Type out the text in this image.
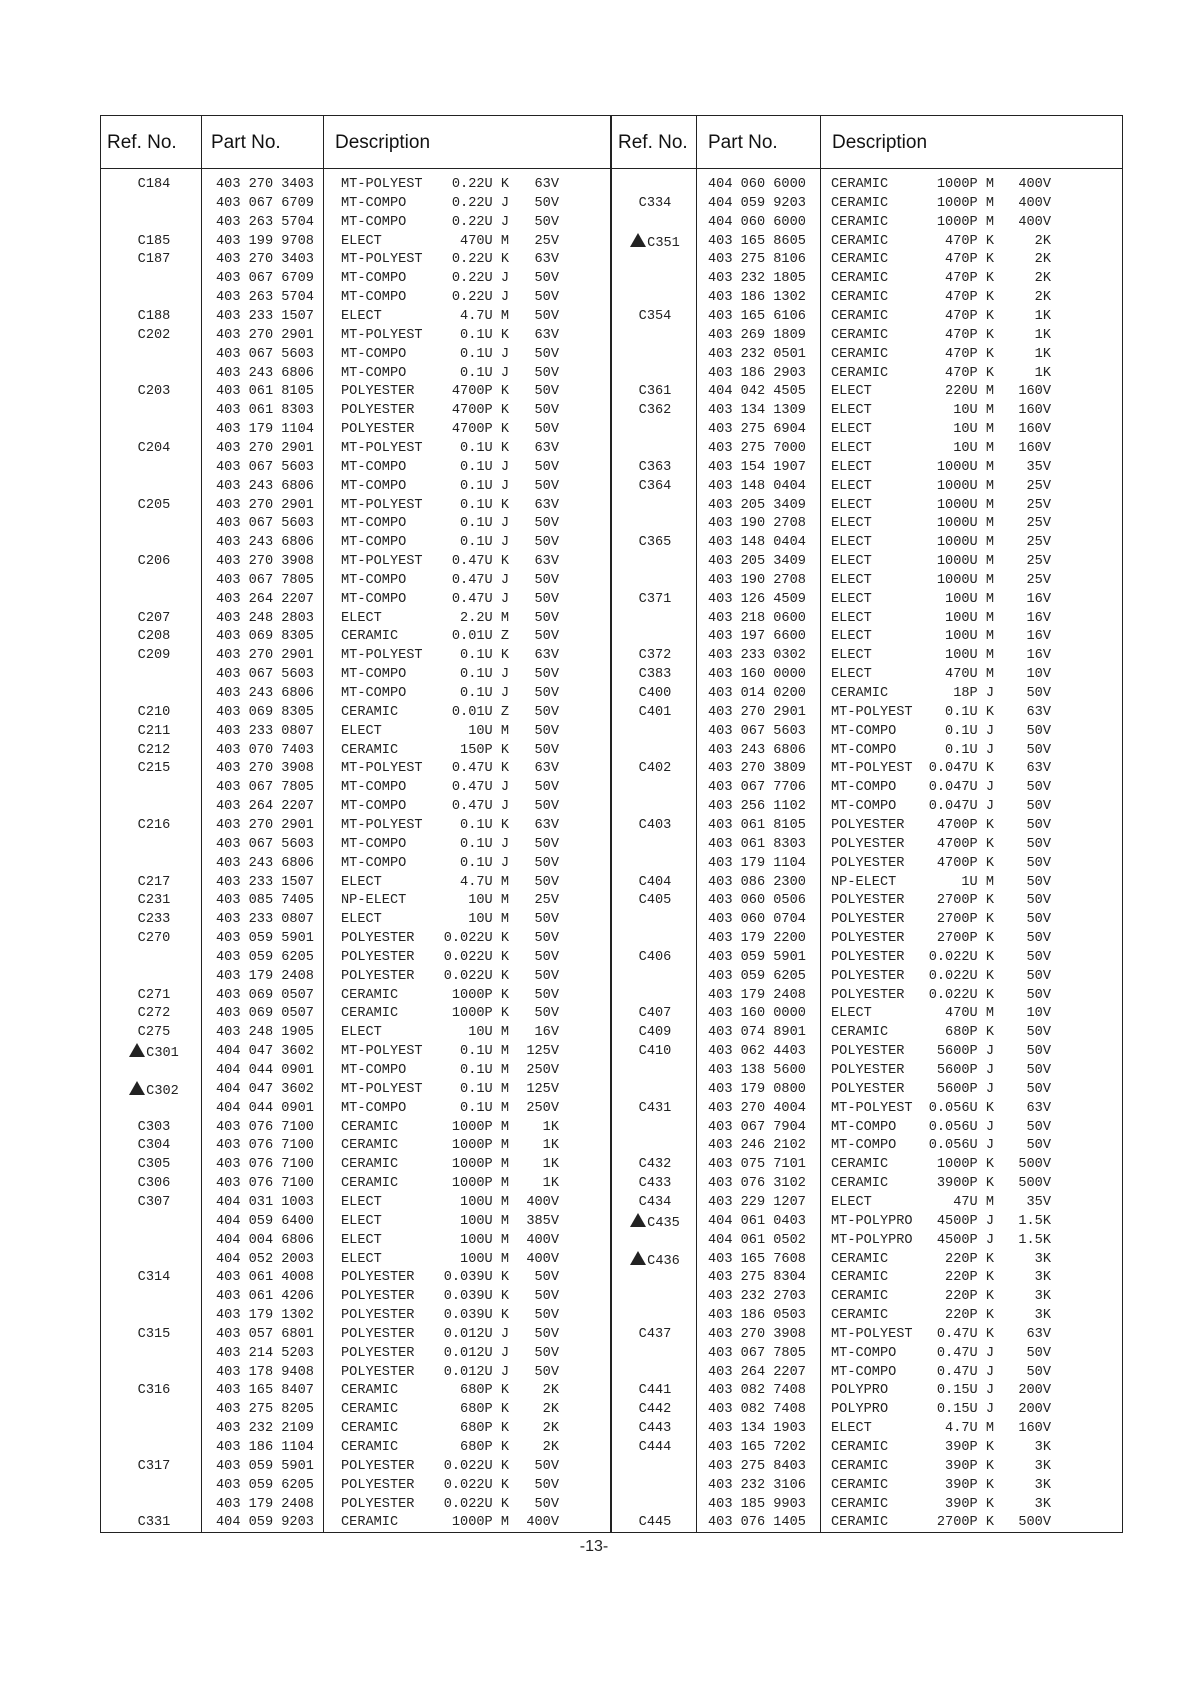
Ref. No. Part No.	Description	Ref. No. Part No.	Description
C184	403 270 3403 MT-POLYEST	0.22U K	63V
403 067 6709 MT-COMPO	0.22U J	50V
403 263 5704 MT-COMPO	0.22U J	50V
C185	403 199 9708 ELECT	470U M	25V
C187	403 270 3403 MT-POLYEST	0.22U K	63V
403 067 6709 MT-COMPO	0.22U J	50V
403 263 5704 MT-COMPO	0.22U J	50V
C188	403 233 1507 ELECT	4.7U M	50V
C202	403 270 2901 MT-POLYEST	0.1U K	63V
403 067 5603 MT-COMPO	0.1U J	50V
403 243 6806 MT-COMPO	0.1U J	50V
C203	403 061 8105 POLYESTER	4700P K	50V
403 061 8303 POLYESTER	4700P K	50V
403 179 1104 POLYESTER	4700P K	50V
C204	403 270 2901 MT-POLYEST	0.1U K	63V
403 067 5603 MT-COMPO	0.1U J	50V
403 243 6806 MT-COMPO	0.1U J	50V
C205	403 270 2901 MT-POLYEST	0.1U K	63V
403 067 5603 MT-COMPO	0.1U J	50V
403 243 6806 MT-COMPO	0.1U J	50V
C206	403 270 3908 MT-POLYEST	0.47U K	63V
403 067 7805 MT-COMPO	0.47U J	50V
403 264 2207 MT-COMPO	0.47U J	50V
C207	403 248 2803 ELECT	2.2U M	50V
C208	403 069 8305 CERAMIC	0.01U Z	50V
C209	403 270 2901 MT-POLYEST	0.1U K	63V
403 067 5603 MT-COMPO	0.1U J	50V
403 243 6806 MT-COMPO	0.1U J	50V
C210	403 069 8305 CERAMIC	0.01U Z	50V
C211	403 233 0807 ELECT	10U M	50V
C212	403 070 7403 CERAMIC	150P K	50V
C215	403 270 3908 MT-POLYEST	0.47U K	63V
403 067 7805 MT-COMPO	0.47U J	50V
403 264 2207 MT-COMPO	0.47U J	50V
C216	403 270 2901 MT-POLYEST	0.1U K	63V
403 067 5603 MT-COMPO	0.1U J	50V
403 243 6806 MT-COMPO	0.1U J	50V
C217	403 233 1507 ELECT	4.7U M	50V
C231	403 085 7405 NP-ELECT	10U M	25V
C233	403 233 0807 ELECT	10U M	50V
C270	403 059 5901 POLYESTER	0.022U K	50V
403 059 6205 POLYESTER	0.022U K	50V
403 179 2408 POLYESTER	0.022U K	50V
C271	403 069 0507 CERAMIC	1000P K	50V
C272	403 069 0507 CERAMIC	1000P K	50V
C275	403 248 1905 ELECT	10U M	16V
C301	404 047 3602 MT-POLYEST	0.1U M	125V
404 044 0901 MT-COMPO	0.1U M	250V
C302	404 047 3602 MT-POLYEST	0.1U M	125V
404 044 0901 MT-COMPO	0.1U M	250V
C303	403 076 7100 CERAMIC	1000P M	1K
C304	403 076 7100 CERAMIC	1000P M	1K
C305	403 076 7100 CERAMIC	1000P M	1K
C306	403 076 7100 CERAMIC	1000P M	1K
C307	404 031 1003 ELECT	100U M	400V
404 059 6400 ELECT	100U M	385V
404 004 6806 ELECT	100U M	400V
404 052 2003 ELECT	100U M	400V
C314	403 061 4008 POLYESTER	0.039U K	50V
403 061 4206 POLYESTER	0.039U K	50V
403 179 1302 POLYESTER	0.039U K	50V
C315	403 057 6801 POLYESTER	0.012U J	50V
403 214 5203 POLYESTER	0.012U J	50V
403 178 9408 POLYESTER	0.012U J	50V
C316	403 165 8407 CERAMIC	680P K	2K
403 275 8205 CERAMIC	680P K	2K
403 232 2109 CERAMIC	680P K	2K
403 186 1104 CERAMIC	680P K	2K
C317	403 059 5901 POLYESTER	0.022U K	50V
403 059 6205 POLYESTER	0.022U K	50V
403 179 2408 POLYESTER	0.022U K	50V
C331	404 059 9203 CERAMIC	1000P M	400V
404 060 6000 CERAMIC	1000P M	400V
C334	404 059 9203 CERAMIC	1000P M	400V
404 060 6000 CERAMIC	1000P M	400V
C351	403 165 8605 CERAMIC	470P K	2K
403 275 8106 CERAMIC	470P K	2K
403 232 1805 CERAMIC	470P K	2K
403 186 1302 CERAMIC	470P K	2K
C354	403 165 6106 CERAMIC	470P K	1K
403 269 1809 CERAMIC	470P K	1K
403 232 0501 CERAMIC	470P K	1K
403 186 2903 CERAMIC	470P K	1K
C361	404 042 4505 ELECT	220U M	160V
C362	403 134 1309 ELECT	10U M	160V
403 275 6904 ELECT	10U M	160V
403 275 7000 ELECT	10U M	160V
C363	403 154 1907 ELECT	1000U M	35V
C364	403 148 0404 ELECT	1000U M	25V
403 205 3409 ELECT	1000U M	25V
403 190 2708 ELECT	1000U M	25V
C365	403 148 0404 ELECT	1000U M	25V
403 205 3409 ELECT	1000U M	25V
403 190 2708 ELECT	1000U M	25V
C371	403 126 4509 ELECT	100U M	16V
403 218 0600 ELECT	100U M	16V
403 197 6600 ELECT	100U M	16V
C372	403 233 0302 ELECT	100U M	16V
C383	403 160 0000 ELECT	470U M	10V
C400	403 014 0200 CERAMIC	18P J	50V
C401	403 270 2901 MT-POLYEST	0.1U K	63V
403 067 5603 MT-COMPO	0.1U J	50V
403 243 6806 MT-COMPO	0.1U J	50V
C402	403 270 3809 MT-POLYEST	0.047U K	63V
403 067 7706 MT-COMPO	0.047U J	50V
403 256 1102 MT-COMPO	0.047U J	50V
C403	403 061 8105 POLYESTER	4700P K	50V
403 061 8303 POLYESTER	4700P K	50V
403 179 1104 POLYESTER	4700P K	50V
C404	403 086 2300 NP-ELECT	1U M	50V
C405	403 060 0506 POLYESTER	2700P K	50V
403 060 0704 POLYESTER	2700P K	50V
403 179 2200 POLYESTER	2700P K	50V
C406	403 059 5901 POLYESTER	0.022U K	50V
403 059 6205 POLYESTER	0.022U K	50V
403 179 2408 POLYESTER	0.022U K	50V
C407	403 160 0000 ELECT	470U M	10V
C409	403 074 8901 CERAMIC	680P K	50V
C410	403 062 4403 POLYESTER	5600P J	50V
403 138 5600 POLYESTER	5600P J	50V
403 179 0800 POLYESTER	5600P J	50V
C431	403 270 4004 MT-POLYEST	0.056U K	63V
403 067 7904 MT-COMPO	0.056U J	50V
403 246 2102 MT-COMPO	0.056U J	50V
C432	403 075 7101 CERAMIC	1000P K	500V
C433	403 076 3102 CERAMIC	3900P K	500V
C434	403 229 1207 ELECT	47U M	35V
C435	404 061 0403 MT-POLYPRO	4500P J	1.5K
404 061 0502 MT-POLYPRO	4500P J	1.5K
C436	403 165 7608 CERAMIC	220P K	3K
403 275 8304 CERAMIC	220P K	3K
403 232 2703 CERAMIC	220P K	3K
403 186 0503 CERAMIC	220P K	3K
C437	403 270 3908 MT-POLYEST	0.47U K	63V
403 067 7805 MT-COMPO	0.47U J	50V
403 264 2207 MT-COMPO	0.47U J	50V
C441	403 082 7408 POLYPRO	0.15U J	200V
C442	403 082 7408 POLYPRO	0.15U J	200V
C443	403 134 1903 ELECT	4.7U M	160V
C444	403 165 7202 CERAMIC	390P K	3K
403 275 8403 CERAMIC	390P K	3K
403 232 3106 CERAMIC	390P K	3K
403 185 9903 CERAMIC	390P K	3K
C445	403 076 1405 CERAMIC	2700P K	500V
-13-
